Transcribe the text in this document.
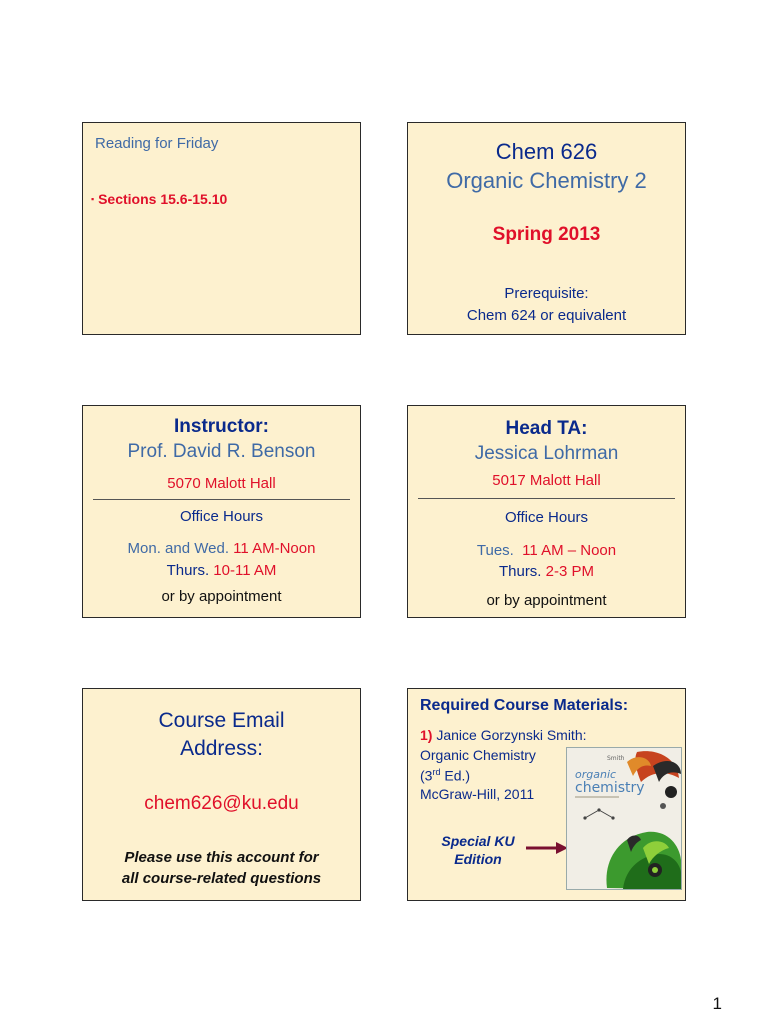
Reading for Friday
▪ Sections 15.6-15.10
Chem 626
Organic Chemistry 2
Spring 2013
Prerequisite:
Chem 624 or equivalent
Instructor:
Prof. David R. Benson
5070 Malott Hall
Office Hours
Mon. and Wed. 11 AM-Noon
Thurs. 10-11 AM
or by appointment
Head TA:
Jessica Lohrman
5017 Malott Hall
Office Hours
Tues.  11 AM – Noon
Thurs. 2-3 PM
or by appointment
Course Email
Address:
chem626@ku.edu
Please use this account for
all course-related questions
Required Course Materials:
1) Janice Gorzynski Smith:
Organic Chemistry
(3rd Ed.)
McGraw-Hill, 2011
Special KU
Edition
organic
chemistry
Smith
1
